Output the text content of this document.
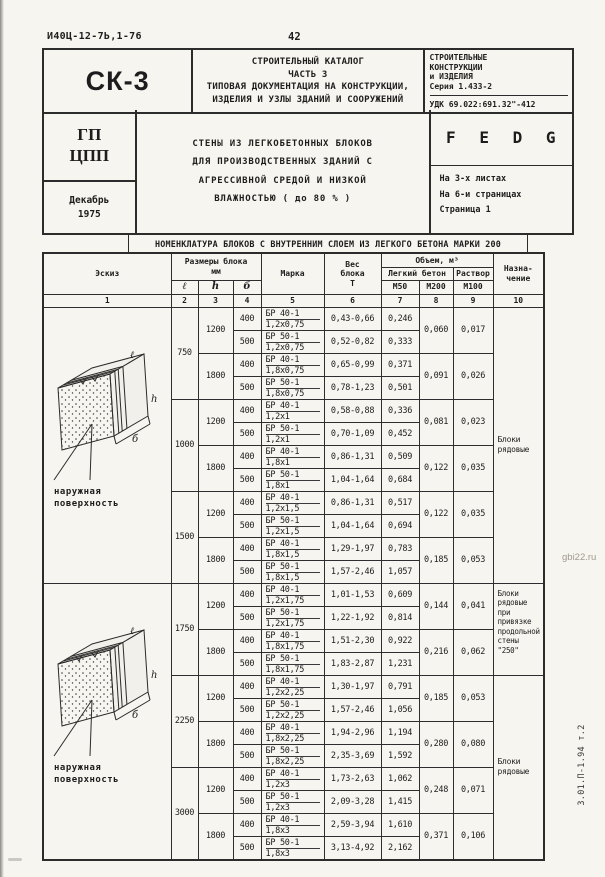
И40Ц-12-7Ь,1-76	42
СК-3
СТРОИТЕЛЬНЫЙ КАТАЛОГ
ЧАСТЬ 3
ТИПОВАЯ ДОКУМЕНТАЦИЯ НА КОНСТРУКЦИИ,
ИЗДЕЛИЯ И УЗЛЫ ЗДАНИЙ И СООРУЖЕНИЙ
СТРОИТЕЛЬНЫЕ
КОНСТРУКЦИИ
и ИЗДЕЛИЯ
Серия 1.433-2
УДК 69.022:691.32"-412
ГП
ЦПП
Декабрь
1975
СТЕНЫ ИЗ ЛЕГКОБЕТОННЫХ БЛОКОВ
ДЛЯ ПРОИЗВОДСТВЕННЫХ ЗДАНИЙ С
АГРЕССИВНОЙ СРЕДОЙ И НИЗКОЙ
ВЛАЖНОСТЬЮ ( до 80 % )
F E D G
На 3-х листах
На 6-и страницах
Страница 1
НОМЕНКЛАТУРА БЛОКОВ С ВНУТРЕННИМ СЛОЕМ ИЗ ЛЕГКОГО БЕТОНА МАРКИ 200
Эскиз	
Размеры блока
мм	Марка	
Вес
блока
Т
	Объем, м³	
Назна-
чение

						Легкий бетон		Раствор	
	ℓ	h	б			М50	М200	М100	
1	2	3	4	5	6	7	8	9	10

ℓ
h
б
наружная
поверхность	750	1200	400	БР 40-1
1,2х0,75	0,43-0,66	0,246	0,060	0,017	Блоки рядовые
			500	БР 50-1
1,2х0,75	0,52-0,82	0,333			
		1800	400	БР 40-1
1,8х0,75	0,65-0,99	0,371	0,091	0,026	
			500	БР 50-1
1,8х0,75	0,78-1,23	0,501			
	1000	1200	400	БР 40-1
1,2х1	0,58-0,88	0,336	0,081	0,023	
			500	БР 50-1
1,2х1	0,70-1,09	0,452			
		1800	400	БР 40-1
1,8х1	0,86-1,31	0,509	0,122	0,035	
			500	БР 50-1
1,8х1	1,04-1,64	0,684			
	1500	1200	400	БР 40-1
1,2х1,5	0,86-1,31	0,517	0,122	0,035	
			500	БР 50-1
1,2х1,5	1,04-1,64	0,694			
		1800	400	БР 40-1
1,8х1,5	1,29-1,97	0,783	0,185	0,053	
			500	БР 50-1
1,8х1,5	1,57-2,46	1,057			

ℓ
h
б
наружная
поверхность	1750	1200	400	БР 40-1
1,2х1,75	1,01-1,53	0,609	0,144	0,041	Блоки рядовые при привязке продольной стены "250"
			500	БР 50-1
1,2х1,75	1,22-1,92	0,814			
		1800	400	БР 40-1
1,8х1,75	1,51-2,30	0,922	0,216	0,062	
			500	БР 50-1
1,8х1,75	1,83-2,87	1,231			
	2250	1200	400	БР 40-1
1,2х2,25	1,30-1,97	0,791	0,185	0,053	Блоки рядовые
			500	БР 50-1
1,2х2,25	1,57-2,46	1,056			
		1800	400	БР 40-1
1,8х2,25	1,94-2,96	1,194	0,280	0,080	
			500	БР 50-1
1,8х2,25	2,35-3,69	1,592			
	3000	1200	400	БР 40-1
1,2х3	1,73-2,63	1,062	0,248	0,071	
			500	БР 50-1
1,2х3	2,09-3,28	1,415			
		1800	400	БР 40-1
1,8х3	2,59-3,94	1,610	0,371	0,106	
			500	БР 50-1
1,8х3	3,13-4,92	2,162			
gbi22.ru
3.01.П-1.94 т.2
